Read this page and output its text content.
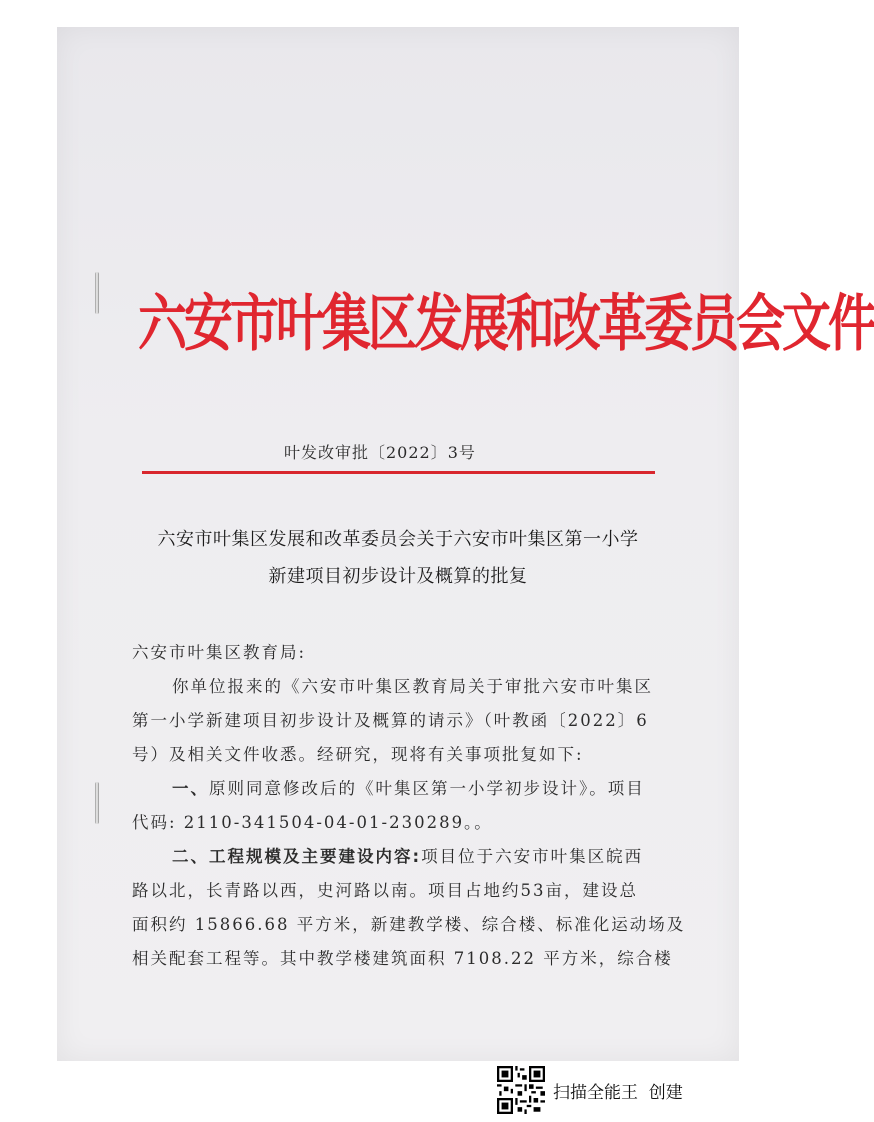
六安市叶集区发展和改革委员会文件
叶发改审批〔2022〕3号
六安市叶集区发展和改革委员会关于六安市叶集区第一小学
新建项目初步设计及概算的批复
六安市叶集区教育局:
你单位报来的《六安市叶集区教育局关于审批六安市叶集区
第一小学新建项目初步设计及概算的请示》（叶教函〔2022〕6
号）及相关文件收悉。经研究，现将有关事项批复如下:
一、原则同意修改后的《叶集区第一小学初步设计》。项目
代码: 2110-341504-04-01-230289。。
二、工程规模及主要建设内容:项目位于六安市叶集区皖西
路以北，长青路以西，史河路以南。项目占地约53亩，建设总
面积约 15866.68 平方米，新建教学楼、综合楼、标准化运动场及
相关配套工程等。其中教学楼建筑面积 7108.22 平方米，综合楼
扫描全能王  创建
